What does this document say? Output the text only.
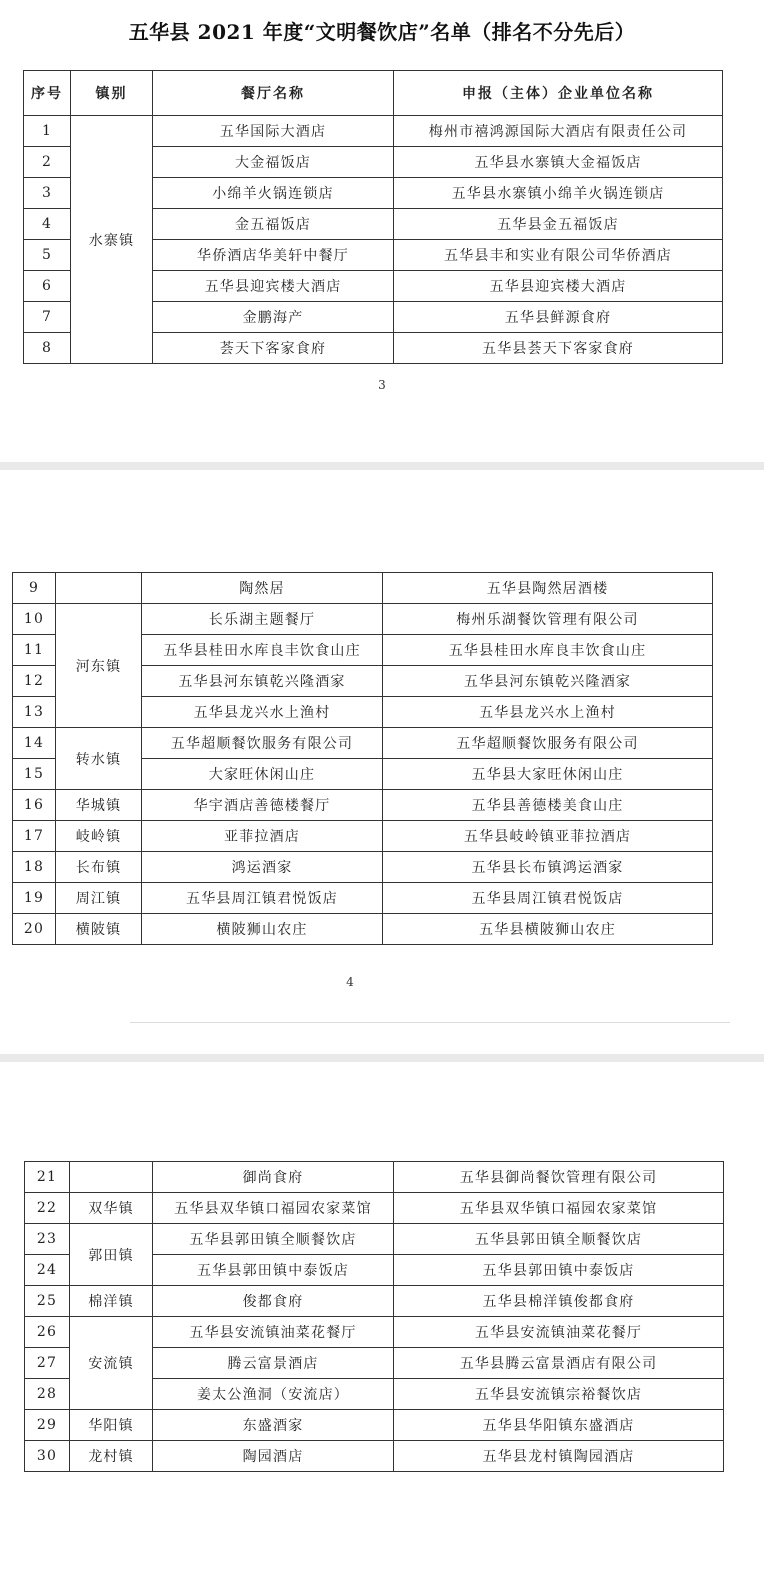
五华县 2021 年度“文明餐饮店”名单（排名不分先后）
序号	镇别	餐厅名称	申报（主体）企业单位名称
1	水寨镇	五华国际大酒店	梅州市禧鸿源国际大酒店有限责任公司
2		大金福饭店	五华县水寨镇大金福饭店
3		小绵羊火锅连锁店	五华县水寨镇小绵羊火锅连锁店
4		金五福饭店	五华县金五福饭店
5		华侨酒店华美轩中餐厅	五华县丰和实业有限公司华侨酒店
6		五华县迎宾楼大酒店	五华县迎宾楼大酒店
7		金鹏海产	五华县鲜源食府
8		荟天下客家食府	五华县荟天下客家食府
3
9		陶然居	五华县陶然居酒楼
10	河东镇	长乐湖主题餐厅	梅州乐湖餐饮管理有限公司
11		五华县桂田水库良丰饮食山庄	五华县桂田水库良丰饮食山庄
12		五华县河东镇乾兴隆酒家	五华县河东镇乾兴隆酒家
13		五华县龙兴水上渔村	五华县龙兴水上渔村
14	转水镇	五华超顺餐饮服务有限公司	五华超顺餐饮服务有限公司
15		大家旺休闲山庄	五华县大家旺休闲山庄
16	华城镇	华宇酒店善德楼餐厅	五华县善德楼美食山庄
17	岐岭镇	亚菲拉酒店	五华县岐岭镇亚菲拉酒店
18	长布镇	鸿运酒家	五华县长布镇鸿运酒家
19	周江镇	五华县周江镇君悦饭店	五华县周江镇君悦饭店
20	横陂镇	横陂狮山农庄	五华县横陂狮山农庄
4
21		御尚食府	五华县御尚餐饮管理有限公司
22	双华镇	五华县双华镇口福园农家菜馆	五华县双华镇口福园农家菜馆
23	郭田镇	五华县郭田镇全顺餐饮店	五华县郭田镇全顺餐饮店
24		五华县郭田镇中泰饭店	五华县郭田镇中泰饭店
25	棉洋镇	俊都食府	五华县棉洋镇俊都食府
26	安流镇	五华县安流镇油菜花餐厅	五华县安流镇油菜花餐厅
27		腾云富景酒店	五华县腾云富景酒店有限公司
28		姜太公渔洞（安流店）	五华县安流镇宗裕餐饮店
29	华阳镇	东盛酒家	五华县华阳镇东盛酒店
30	龙村镇	陶园酒店	五华县龙村镇陶园酒店
